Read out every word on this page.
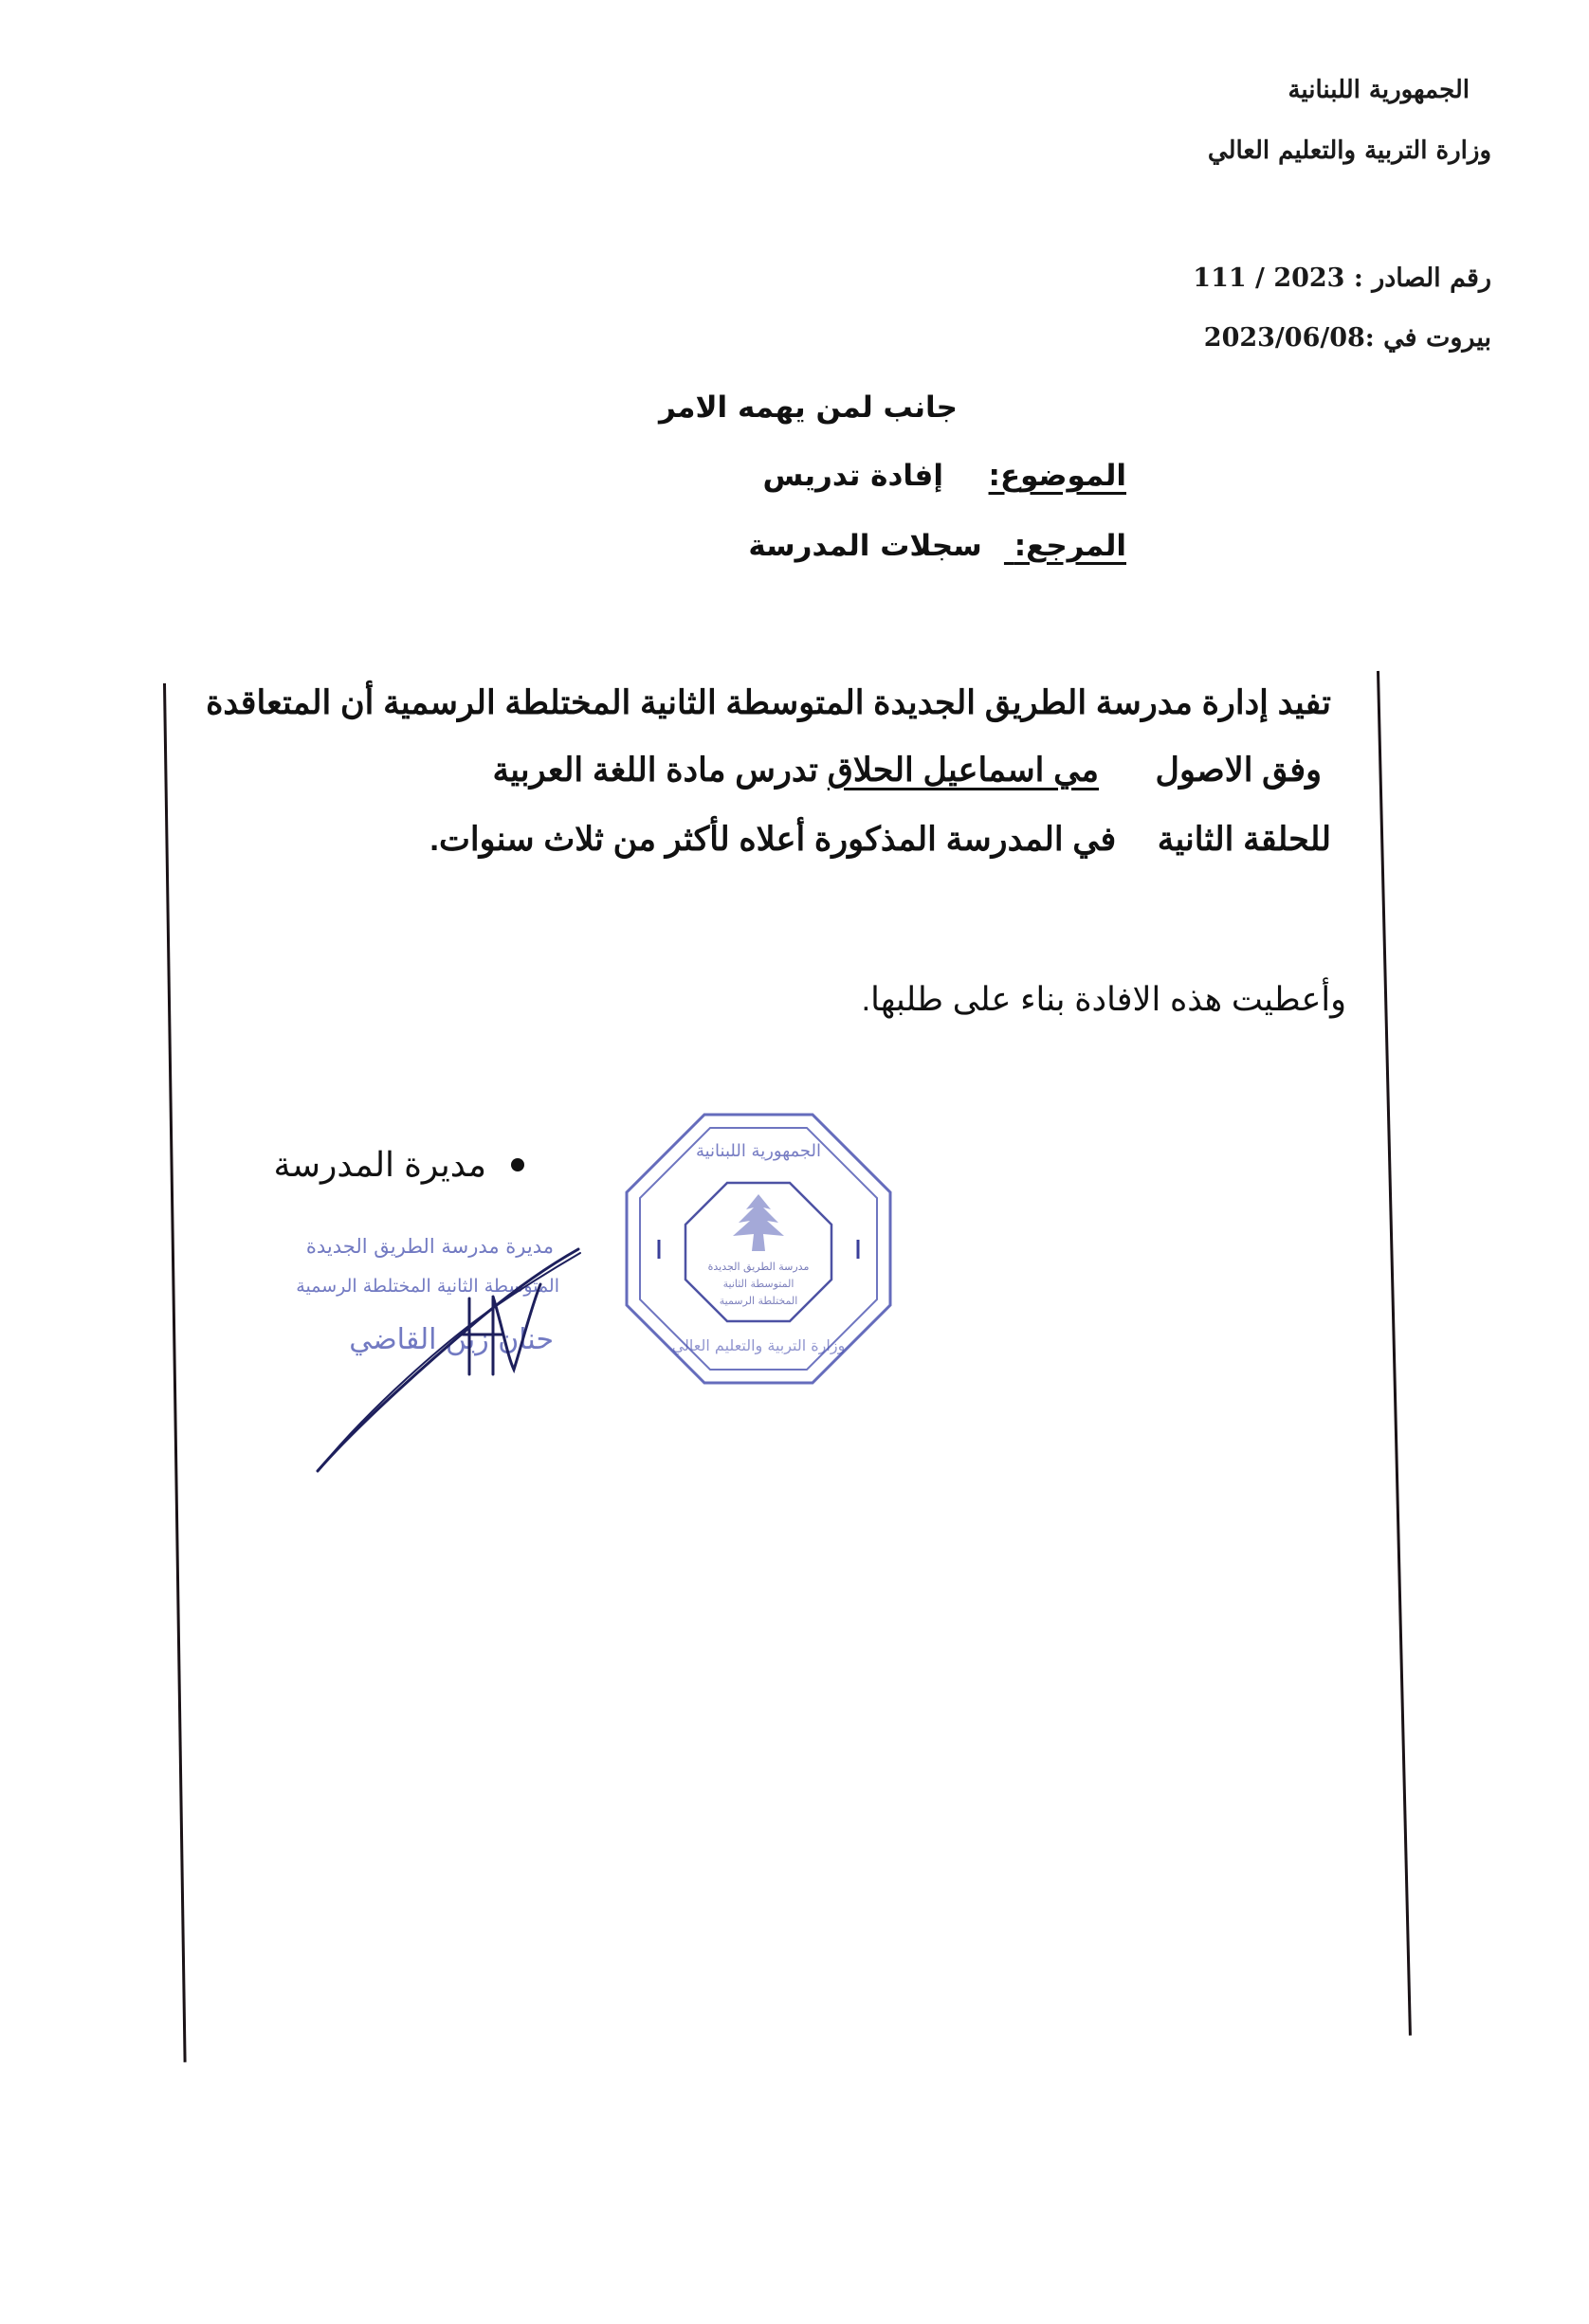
الجمهورية اللبنانية
وزارة التربية والتعليم العالي
رقم الصادر : 111 / 2023
بيروت في :2023/06/08
جانب لمن يهمه الامر
الموضوع:  إفادة تدريس
المرجع: سجلات المدرسة
تفيد إدارة مدرسة الطريق الجديدة المتوسطة الثانية المختلطة الرسمية أن المتعاقدة
وفق الاصول  مي اسماعيل الحلاق تدرس مادة اللغة العربية
للحلقة الثانية  في المدرسة المذكورة أعلاه لأكثر من ثلاث سنوات.
وأعطيت هذه الافادة بناء على طلبها.
مديرة المدرسة
مديرة مدرسة الطريق الجديدة
المتوسطة الثانية المختلطة الرسمية
حنان زين القاضي
الجمهورية اللبنانية
مدرسة الطريق الجديدة
المتوسطة الثانية
المختلطة الرسمية
وزارة التربية والتعليم العالي
